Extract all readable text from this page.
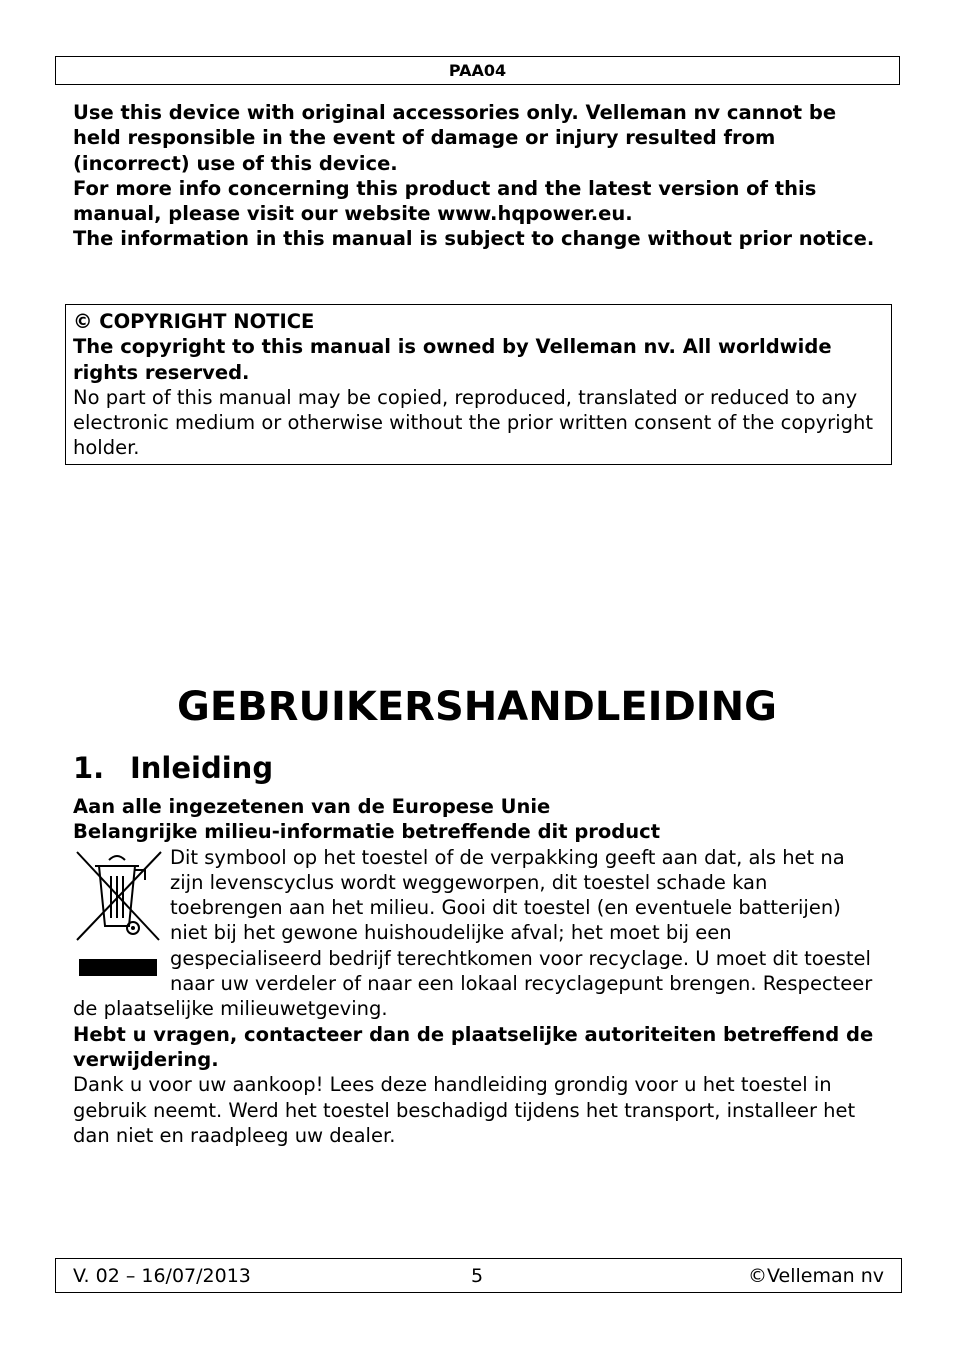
PAA04

Use this device with original accessories only. Velleman nv cannot be held responsible in the event of damage or injury resulted from (incorrect) use of this device.

For more info concerning this product and the latest version of this manual, please visit our website www.hqpower.eu.

The information in this manual is subject to change without prior notice.

© COPYRIGHT NOTICE

The copyright to this manual is owned by Velleman nv. All worldwide rights reserved.

No part of this manual may be copied, reproduced, translated or reduced to any electronic medium or otherwise without the prior written consent of the copyright holder.

GEBRUIKERSHANDLEIDING
1. Inleiding

Aan alle ingezetenen van de Europese Unie

Belangrijke milieu-informatie betreffende dit product

Dit symbool op het toestel of de verpakking geeft aan dat, als het na zijn levenscyclus wordt weggeworpen, dit toestel schade kan toebrengen aan het milieu. Gooi dit toestel (en eventuele batterijen) niet bij het gewone huishoudelijke afval; het moet bij een gespecialiseerd bedrijf terechtkomen voor recyclage. U moet dit toestel naar uw verdeler of naar een lokaal recyclagepunt brengen. Respecteer de plaatselijke milieuwetgeving.

Hebt u vragen, contacteer dan de plaatselijke autoriteiten betreffend de verwijdering.

Dank u voor uw aankoop! Lees deze handleiding grondig voor u het toestel in gebruik neemt. Werd het toestel beschadigd tijdens het transport, installeer het dan niet en raadpleeg uw dealer.

V. 02 – 16/07/2013	5	©Velleman nv
